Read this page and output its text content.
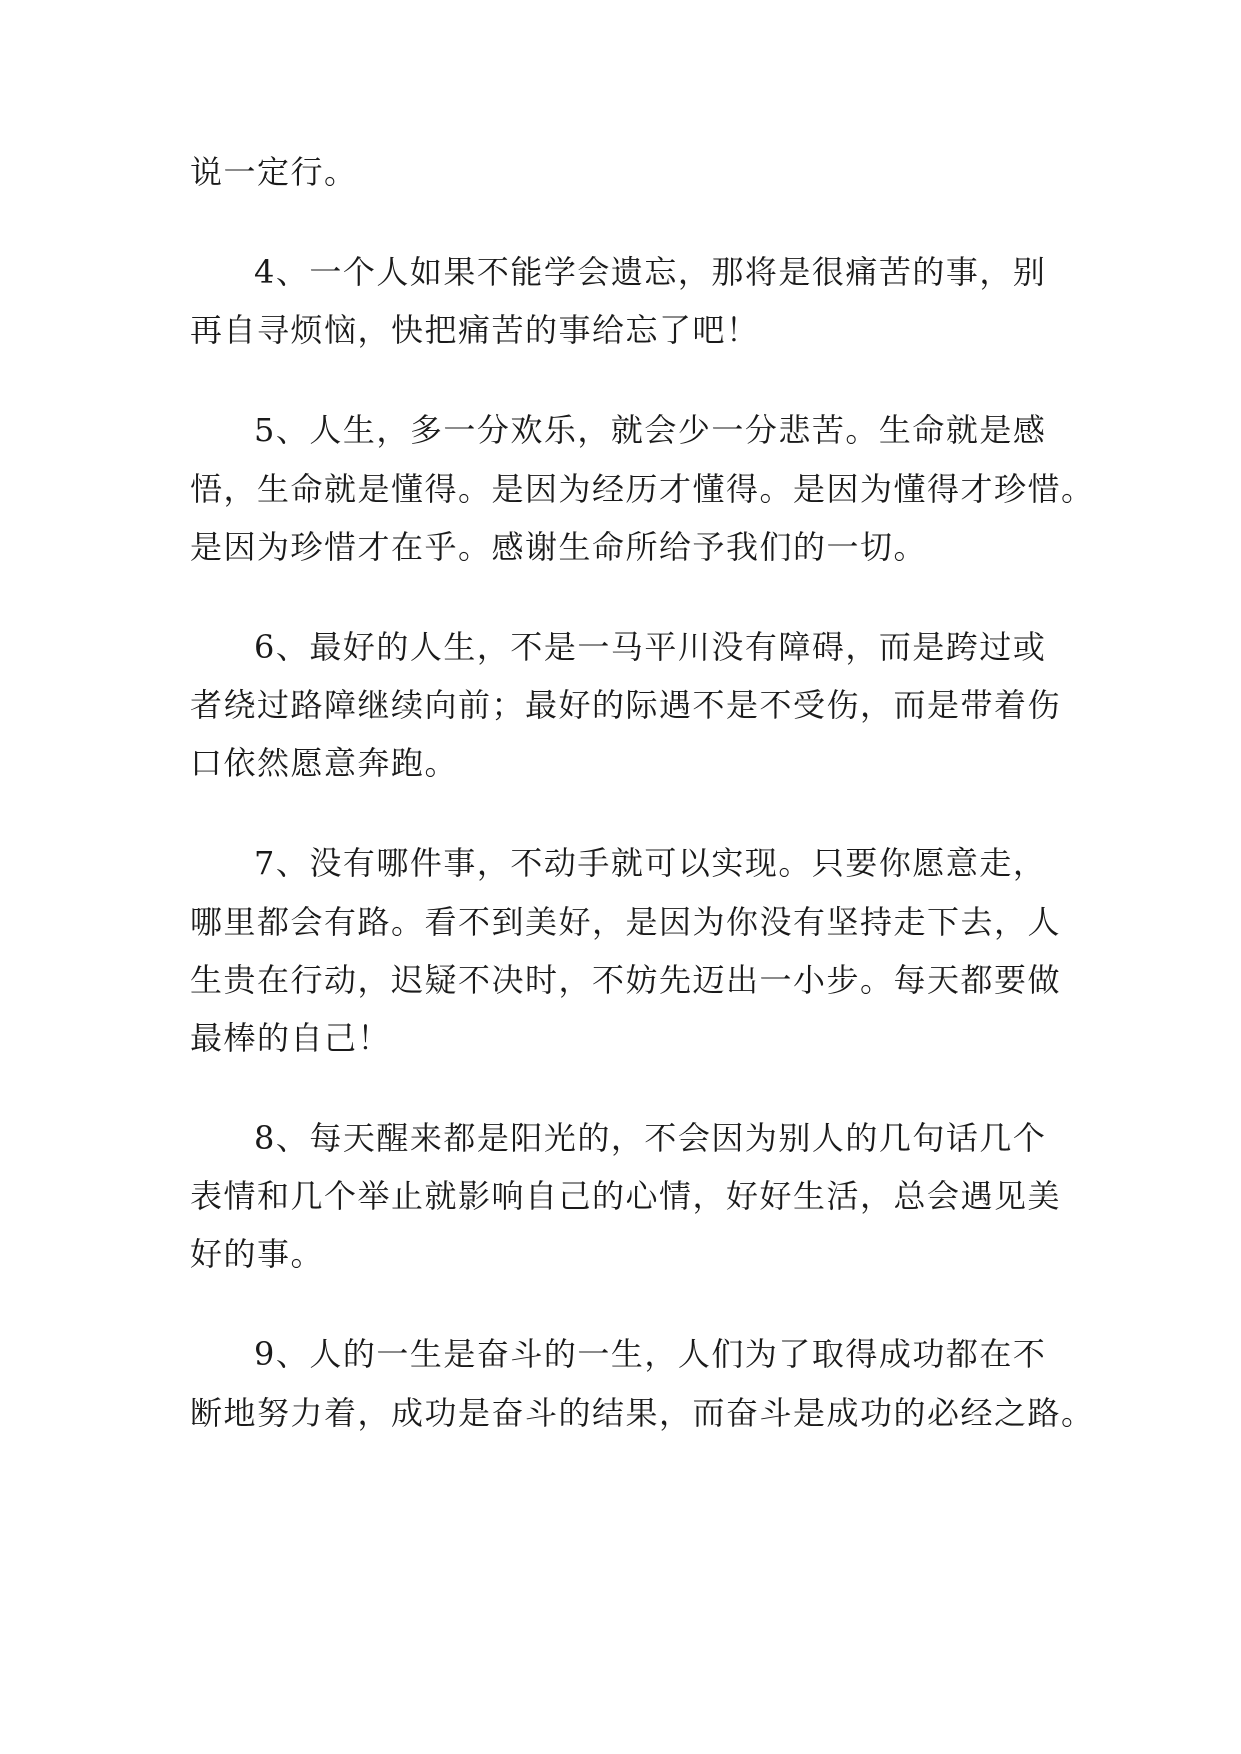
说一定行。

4、一个人如果不能学会遗忘，那将是很痛苦的事，别

再自寻烦恼，快把痛苦的事给忘了吧！

5、人生，多一分欢乐，就会少一分悲苦。生命就是感

悟，生命就是懂得。是因为经历才懂得。是因为懂得才珍惜。

是因为珍惜才在乎。感谢生命所给予我们的一切。

6、最好的人生，不是一马平川没有障碍，而是跨过或

者绕过路障继续向前；最好的际遇不是不受伤，而是带着伤

口依然愿意奔跑。

7、没有哪件事，不动手就可以实现。只要你愿意走，

哪里都会有路。看不到美好，是因为你没有坚持走下去，人

生贵在行动，迟疑不决时，不妨先迈出一小步。每天都要做

最棒的自己！

8、每天醒来都是阳光的，不会因为别人的几句话几个

表情和几个举止就影响自己的心情，好好生活，总会遇见美

好的事。

9、人的一生是奋斗的一生，人们为了取得成功都在不

断地努力着，成功是奋斗的结果，而奋斗是成功的必经之路。
